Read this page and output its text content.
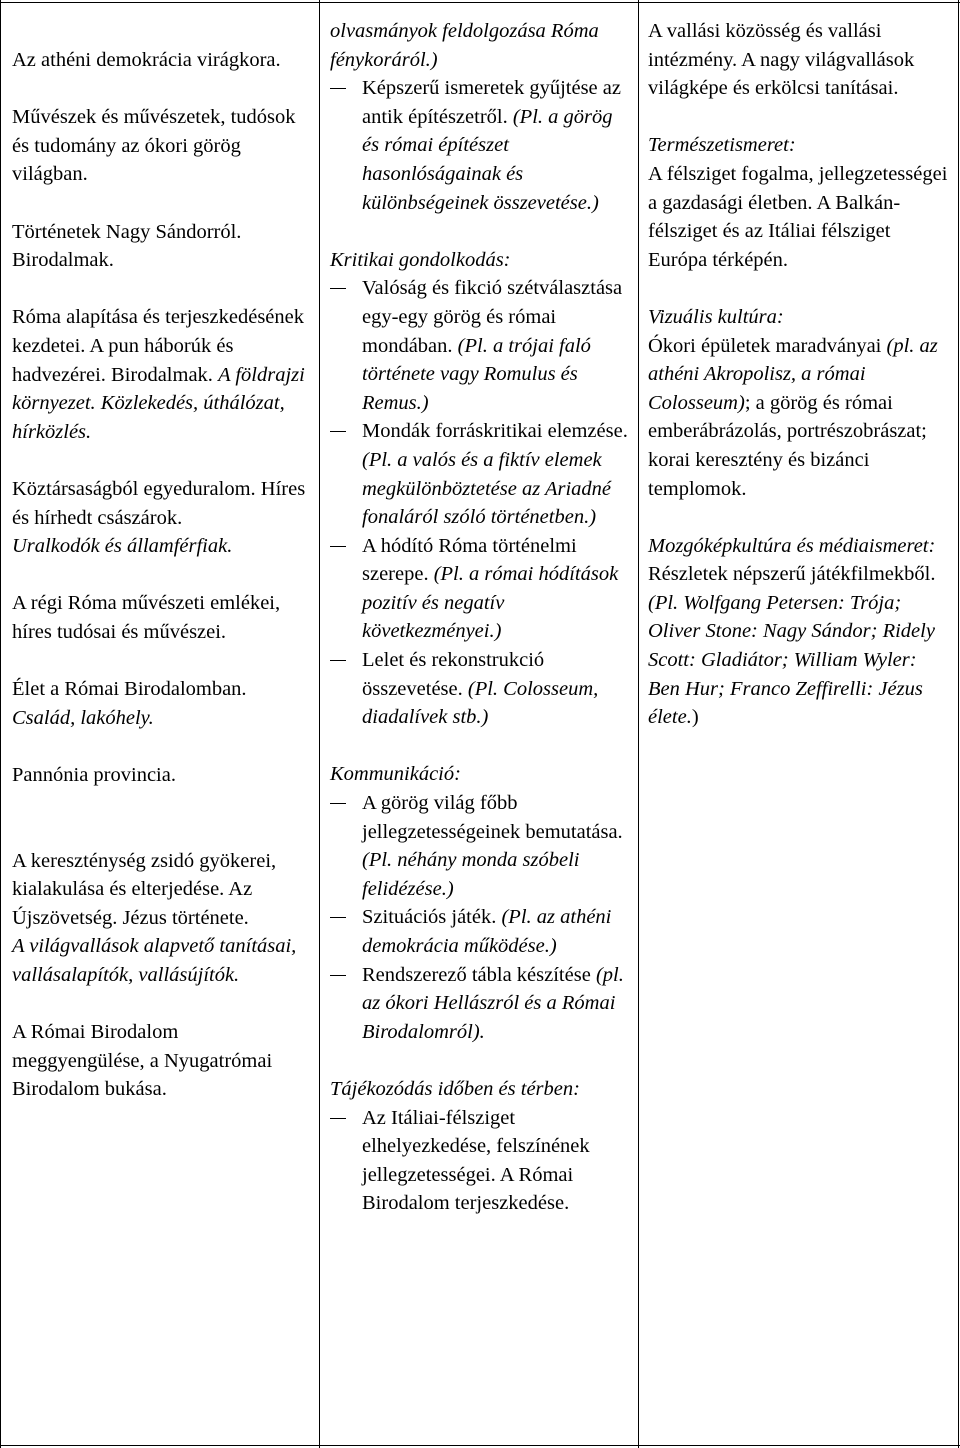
Az athéni demokrácia virágkora.

Művészek és művészetek, tudósok és tudomány az ókori görög világban.

Történetek Nagy Sándorról. Birodalmak.

Róma alapítása és terjeszkedésének kezdetei. A pun háborúk és hadvezérei. Birodalmak. A földrajzi környezet. Közlekedés, úthálózat, hírközlés.

Köztársaságból egyeduralom. Híres és hírhedt császárok.

Uralkodók és államférfiak.

A régi Róma művészeti emlékei, híres tudósai és művészei.

Élet a Római Birodalomban.

Család, lakóhely.

Pannónia provincia.

A kereszténység zsidó gyökerei, kialakulása és elterjedése. Az Újszövetség. Jézus története.

A világvallások alapvető tanításai, vallásalapítók, vallásújítók.

A Római Birodalom meggyengülése, a Nyugatrómai Birodalom bukása.

olvasmányok feldolgozása Róma fénykoráról.)

Képszerű ismeretek gyűjtése az antik építészetről. (Pl. a görög és római építészet hasonlóságainak és különbségeinek összevetése.)

Kritikai gondolkodás:

Valóság és fikció szétválasztása egy-egy görög és római mondában. (Pl. a trójai faló története vagy Romulus és Remus.)

Mondák forráskritikai elemzése. (Pl. a valós és a fiktív elemek megkülönböztetése az Ariadné fonaláról szóló történetben.)

A hódító Róma történelmi szerepe. (Pl. a római hódítások pozitív és negatív következményei.)

Lelet és rekonstrukció összevetése. (Pl. Colosseum, diadalívek stb.)

Kommunikáció:

A görög világ főbb jellegzetességeinek bemutatása. (Pl. néhány monda szóbeli felidézése.)

Szituációs játék. (Pl. az athéni demokrácia működése.)

Rendszerező tábla készítése (pl. az ókori Hellászról és a Római Birodalomról).

Tájékozódás időben és térben:

Az Itáliai-félsziget elhelyezkedése, felszínének jellegzetességei. A Római Birodalom terjeszkedése.

A vallási közösség és vallási intézmény. A nagy világvallások világképe és erkölcsi tanításai.

Természetismeret:

A félsziget fogalma, jellegzetességei a gazdasági életben. A Balkán-félsziget és az Itáliai félsziget Európa térképén.

Vizuális kultúra:

Ókori épületek maradványai (pl. az athéni Akropolisz, a római Colosseum); a görög és római emberábrázolás, portrészobrászat; korai keresztény és bizánci templomok.

Mozgóképkultúra és médiaismeret: Részletek népszerű játékfilmekből. (Pl. Wolfgang Petersen: Trója; Oliver Stone: Nagy Sándor; Ridely Scott: Gladiátor; William Wyler: Ben Hur; Franco Zeffirelli: Jézus élete.)
